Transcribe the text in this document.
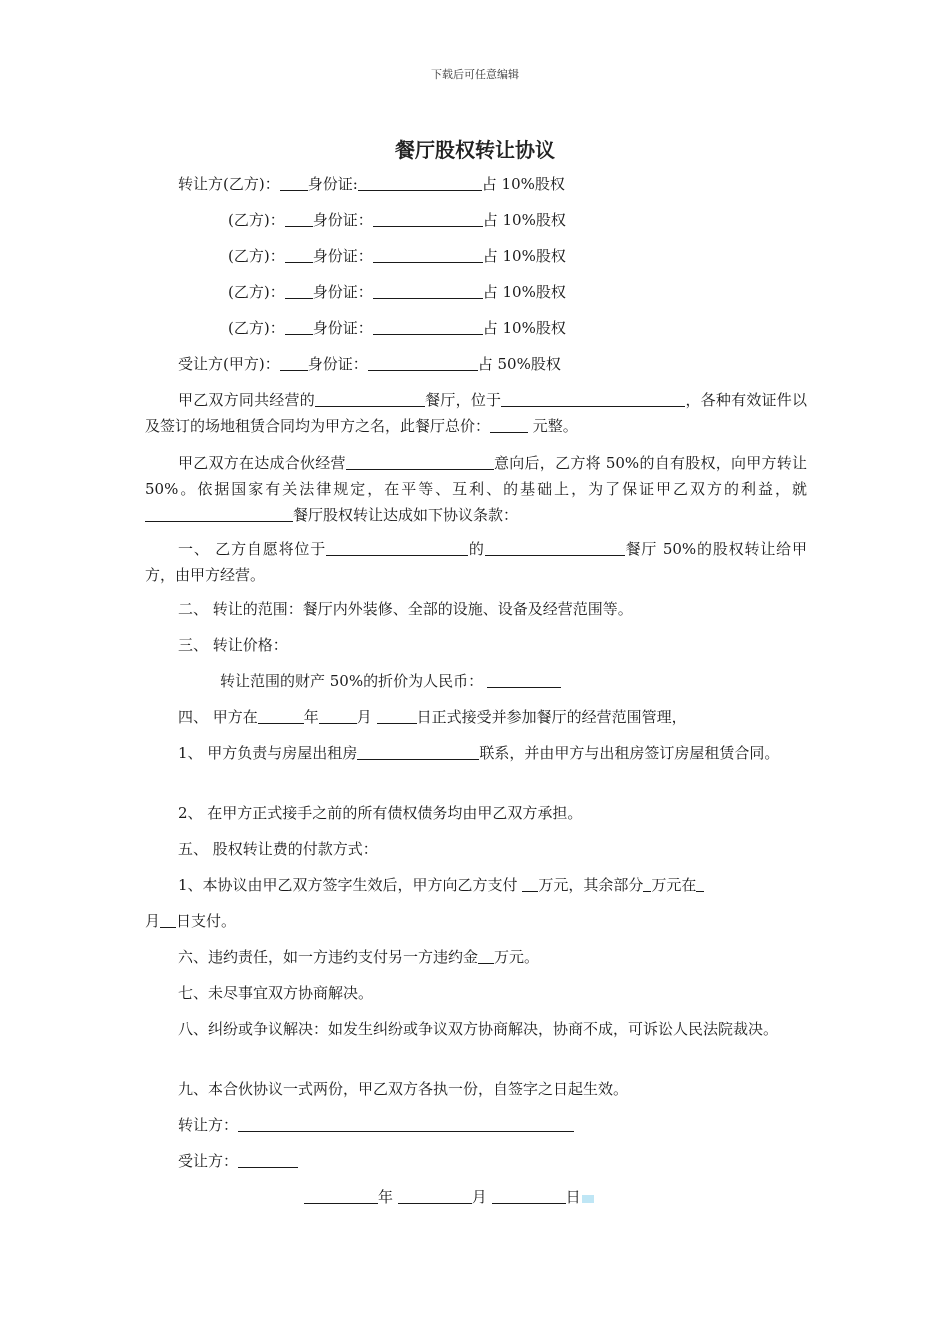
下载后可任意编辑
餐厅股权转让协议
转让方(乙方)： 身份证:	占 10%股权
(乙方)： 身份证：	占 10%股权
(乙方)： 身份证：	占 10%股权
(乙方)： 身份证：	占 10%股权
(乙方)： 身份证：	占 10%股权
受让方(甲方)： 身份证：	占 50%股权
甲乙双方同共经营的	餐厅，位于	，各种有效证件以及签订的场地租赁合同均为甲方之名，此餐厅总价：	元整。
甲乙双方在达成合伙经营	意向后，乙方将 50%的自有股权，向甲方转让 50%。依据国家有关法律规定，在平等、互利、的基础上，为了保证甲乙双方的利益，就餐厅股权转让达成如下协议条款：
一、 乙方自愿将位于	的	餐厅 50%的股权转让给甲方，由甲方经营。
二、 转让的范围：餐厅内外装修、全部的设施、设备及经营范围等。
三、 转让价格：
转让范围的财产 50%的折价为人民币：
四、 甲方在	年	月	日正式接受并参加餐厅的经营范围管理，
1、 甲方负责与房屋出租房	联系，并由甲方与出租房签订房屋租赁合同。
2、 在甲方正式接手之前的所有债权债务均由甲乙双方承担。
五、 股权转让费的付款方式：
1、本协议由甲乙双方签字生效后，甲方向乙方支付 万元，其余部分 万元在
月 日支付。
六、违约责任，如一方违约支付另一方违约金 万元。
七、未尽事宜双方协商解决。
八、纠纷或争议解决：如发生纠纷或争议双方协商解决，协商不成，可诉讼人民法院裁决。
九、本合伙协议一式两份，甲乙双方各执一份，自签字之日起生效。
转让方：
受让方：
年	月	日
